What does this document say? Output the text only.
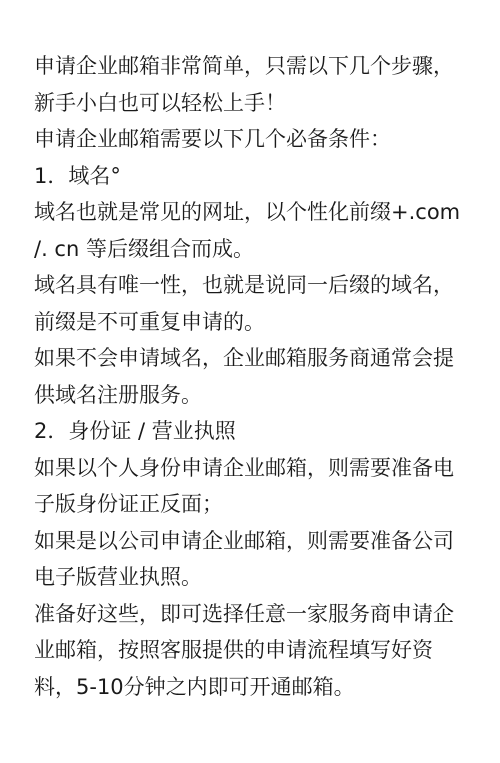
申请企业邮箱非常简单，只需以下几个步骤，新手小白也可以轻松上手！

申请企业邮箱需要以下几个必备条件：

1．域名°

域名也就是常见的网址，以个性化前缀+.com /. cn 等后缀组合而成。

域名具有唯一性，也就是说同一后缀的域名，前缀是不可重复申请的。

如果不会申请域名，企业邮箱服务商通常会提供域名注册服务。

2．身份证 / 营业执照

如果以个人身份申请企业邮箱，则需要准备电子版身份证正反面；

如果是以公司申请企业邮箱，则需要准备公司电子版营业执照。

准备好这些，即可选择任意一家服务商申请企业邮箱，按照客服提供的申请流程填写好资料，5-10分钟之内即可开通邮箱。
